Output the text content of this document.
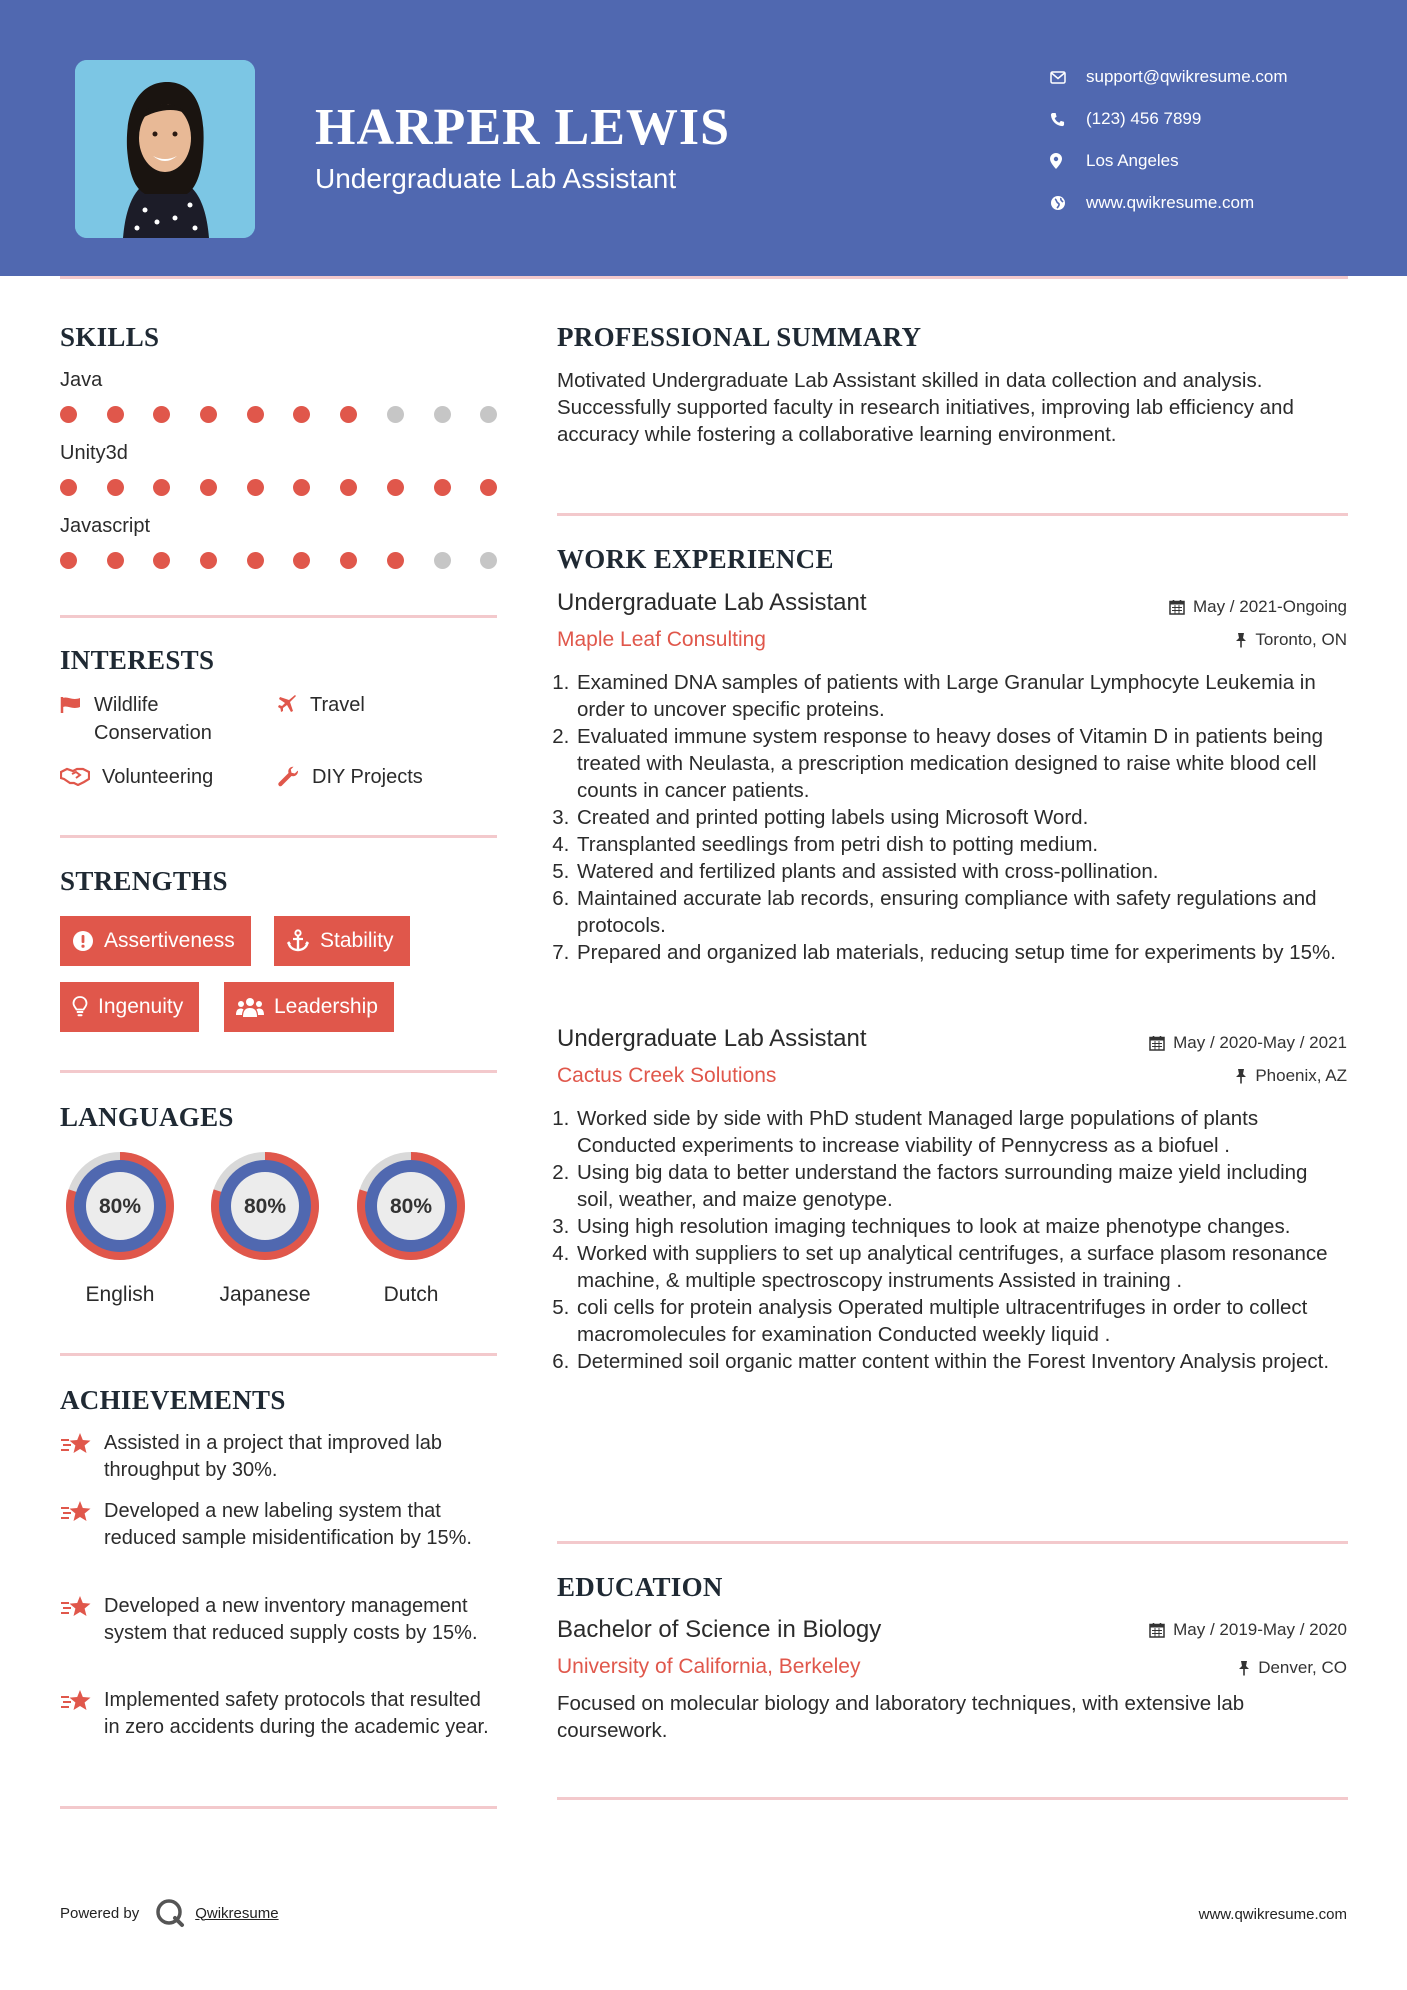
HARPER LEWIS
Undergraduate Lab Assistant
support@qwikresume.com
(123) 456 7899
Los Angeles
www.qwikresume.com
SKILLS
Java
Unity3d
Javascript
INTERESTS
Wildlife Conservation
Travel
Volunteering	DIY Projects
STRENGTHS
Assertiveness	Stability
Ingenuity	Leadership
LANGUAGES
80%
English
80%
Japanese
80%
Dutch
ACHIEVEMENTS
Assisted in a project that improved lab throughput by 30%.
Developed a new labeling system that reduced sample misidentification by 15%.
Developed a new inventory management system that reduced supply costs by 15%.
Implemented safety protocols that resulted in zero accidents during the academic year.
PROFESSIONAL SUMMARY
Motivated Undergraduate Lab Assistant skilled in data collection and analysis. Successfully supported faculty in research initiatives, improving lab efficiency and accuracy while fostering a collaborative learning environment.
WORK EXPERIENCE
Undergraduate Lab Assistant	May / 2021-Ongoing
Maple Leaf Consulting	Toronto, ON
1. Examined DNA samples of patients with Large Granular Lymphocyte Leukemia in order to uncover specific proteins.
2. Evaluated immune system response to heavy doses of Vitamin D in patients being treated with Neulasta, a prescription medication designed to raise white blood cell counts in cancer patients.
3. Created and printed potting labels using Microsoft Word.
4. Transplanted seedlings from petri dish to potting medium.
5. Watered and fertilized plants and assisted with cross-pollination.
6. Maintained accurate lab records, ensuring compliance with safety regulations and protocols.
7. Prepared and organized lab materials, reducing setup time for experiments by 15%.
Undergraduate Lab Assistant	May / 2020-May / 2021
Cactus Creek Solutions	Phoenix, AZ
1. Worked side by side with PhD student Managed large populations of plants Conducted experiments to increase viability of Pennycress as a biofuel .
2. Using big data to better understand the factors surrounding maize yield including soil, weather, and maize genotype.
3. Using high resolution imaging techniques to look at maize phenotype changes.
4. Worked with suppliers to set up analytical centrifuges, a surface plasom resonance machine, & multiple spectroscopy instruments Assisted in training .
5. coli cells for protein analysis Operated multiple ultracentrifuges in order to collect macromolecules for examination Conducted weekly liquid .
6. Determined soil organic matter content within the Forest Inventory Analysis project.
EDUCATION
Bachelor of Science in Biology	May / 2019-May / 2020
University of California, Berkeley	Denver, CO
Focused on molecular biology and laboratory techniques, with extensive lab coursework.
Powered by	Qwikresume	www.qwikresume.com
